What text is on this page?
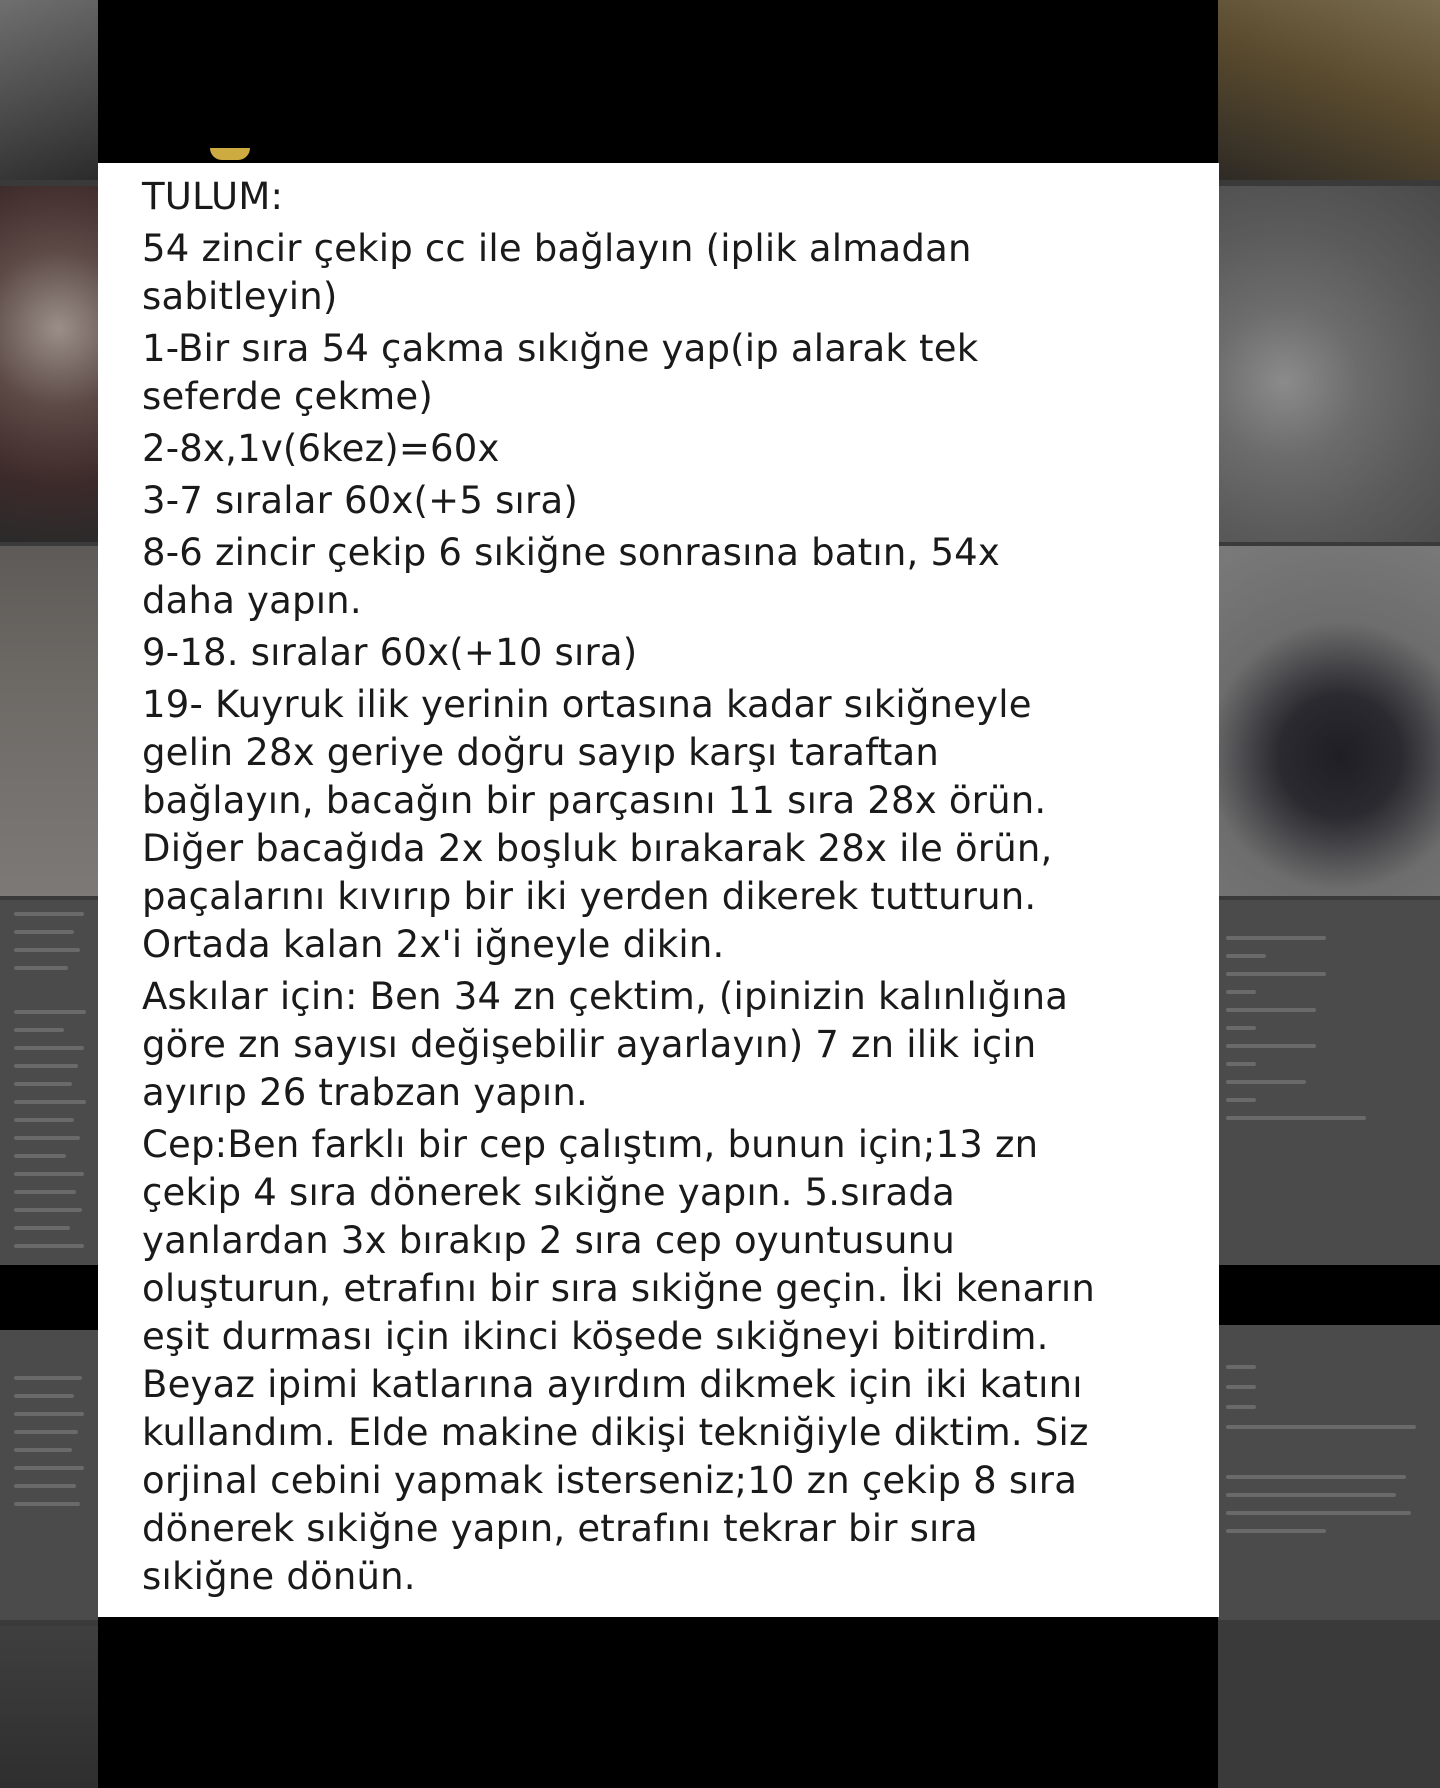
TULUM:
54 zincir çekip cc ile bağlayın (iplik almadan
sabitleyin)
1-Bir sıra 54 çakma sıkığne yap(ip alarak tek
seferde çekme)
2-8x,1v(6kez)=60x
3-7 sıralar 60x(+5 sıra)
8-6 zincir çekip 6 sıkiğne sonrasına batın, 54x
daha yapın.
9-18. sıralar 60x(+10 sıra)
19- Kuyruk ilik yerinin ortasına kadar sıkiğneyle
gelin 28x geriye doğru sayıp karşı taraftan
bağlayın, bacağın bir parçasını 11 sıra 28x örün.
Diğer bacağıda 2x boşluk bırakarak 28x ile örün,
paçalarını kıvırıp bir iki yerden dikerek tutturun.
Ortada kalan 2x'i iğneyle dikin.
Askılar için: Ben 34 zn çektim, (ipinizin kalınlığına
göre zn sayısı değişebilir ayarlayın) 7 zn ilik için
ayırıp 26 trabzan yapın.
Cep:Ben farklı bir cep çalıştım, bunun için;13 zn
çekip 4 sıra dönerek sıkiğne yapın. 5.sırada
yanlardan 3x bırakıp 2 sıra cep oyuntusunu
oluşturun, etrafını bir sıra sıkiğne geçin. İki kenarın
eşit durması için ikinci köşede sıkiğneyi bitirdim.
Beyaz ipimi katlarına ayırdım dikmek için iki katını
kullandım. Elde makine dikişi tekniğiyle diktim. Siz
orjinal cebini yapmak isterseniz;10 zn çekip 8 sıra
dönerek sıkiğne yapın, etrafını tekrar bir sıra
sıkiğne dönün.
